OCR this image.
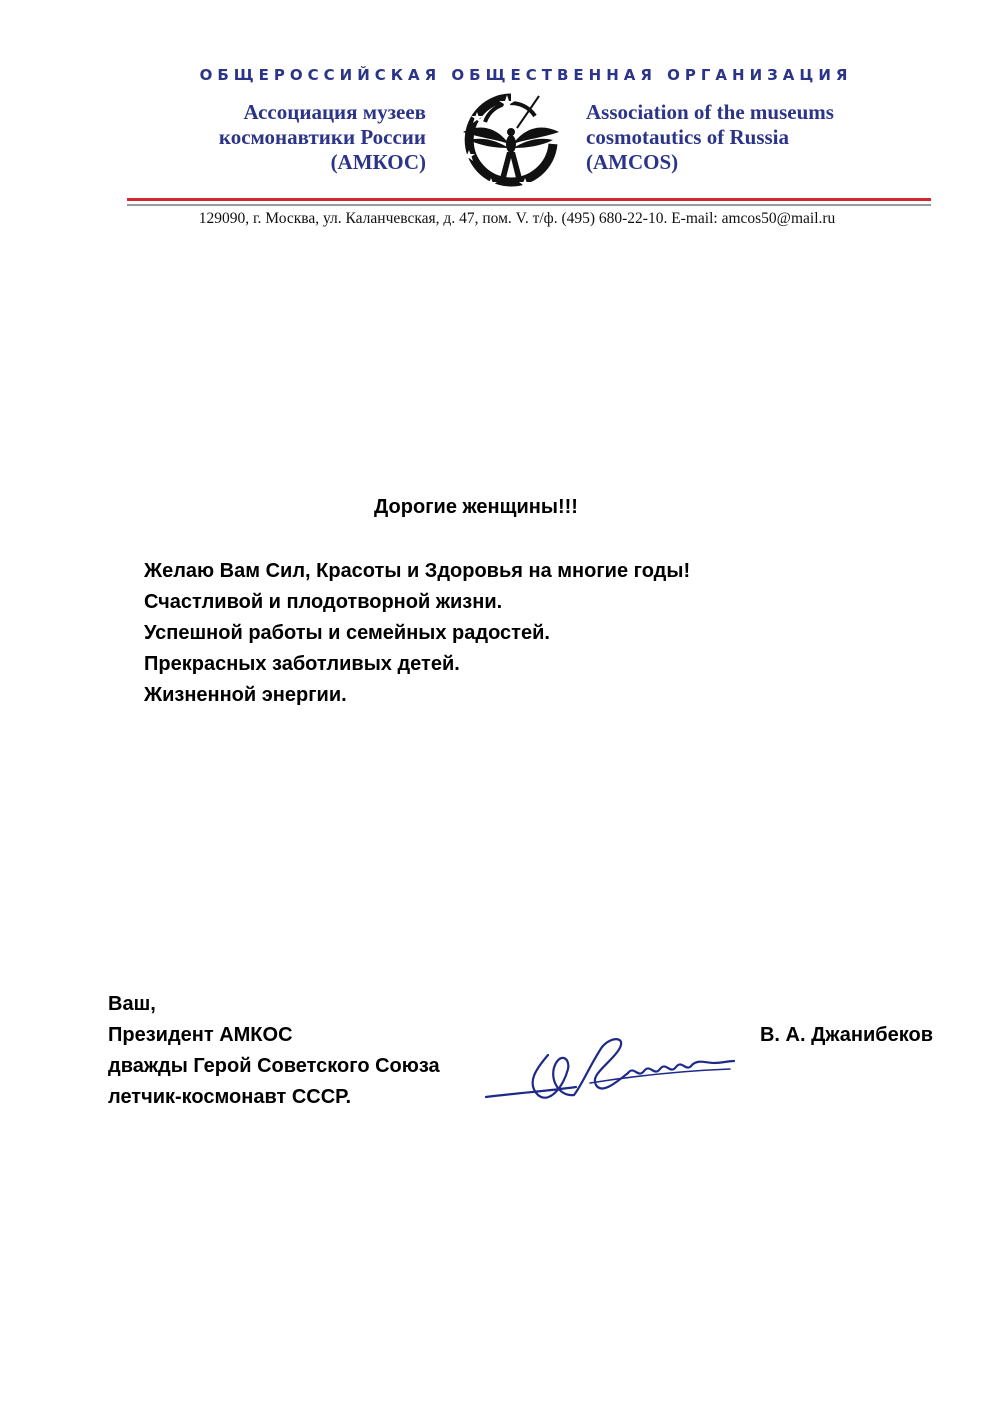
ОБЩЕРОССИЙСКАЯ ОБЩЕСТВЕННАЯ ОРГАНИЗАЦИЯ
Ассоциация музеев
космонавтики России
(АМКОС)
Association of the museums
cosmotautics of Russia
(AMCOS)
129090, г. Москва, ул. Каланчевская, д. 47, пом. V. т/ф. (495) 680-22-10. E-mail: amcos50@mail.ru
Дорогие женщины!!!
Желаю Вам Сил, Красоты и Здоровья на многие годы!
Счастливой и плодотворной жизни.
Успешной работы и семейных радостей.
Прекрасных заботливых детей.
Жизненной энергии.
Ваш,
Президент АМКОС
дважды Герой Советского Союза
летчик-космонавт СССР.
В. А. Джанибеков
